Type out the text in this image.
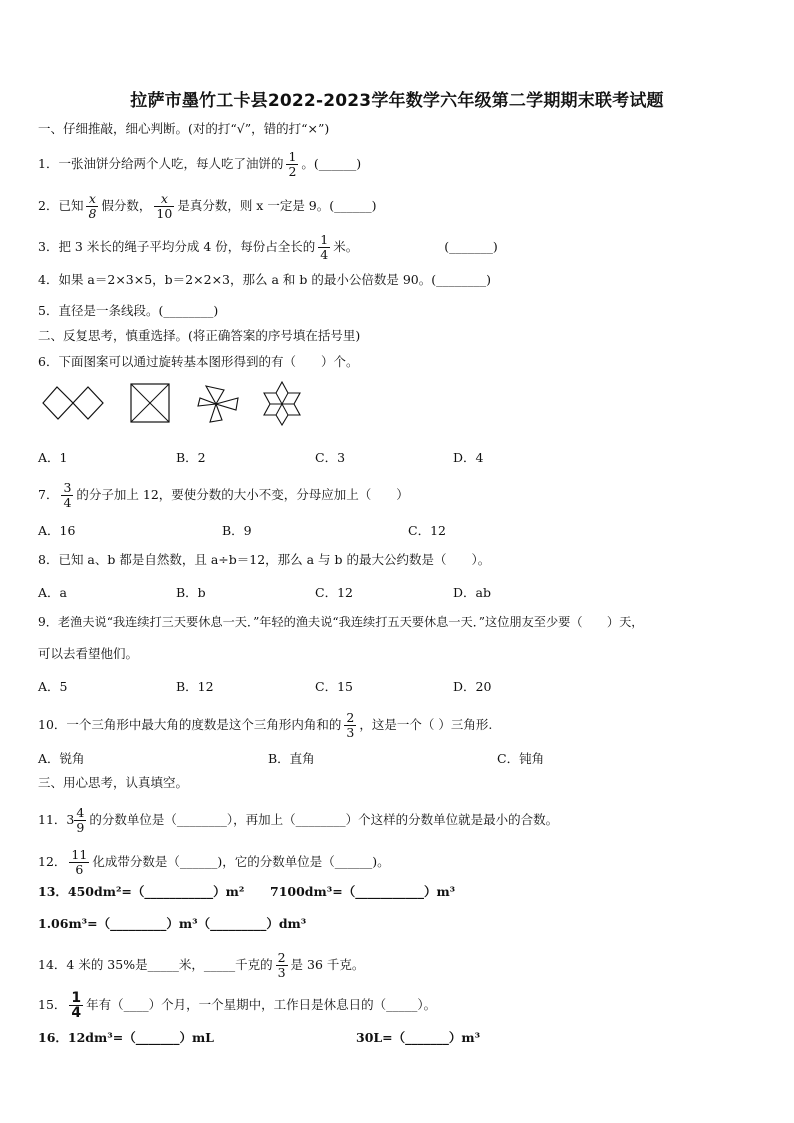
拉萨市墨竹工卡县2022-2023学年数学六年级第二学期期末联考试题
一、仔细推敲，细心判断。(对的打“√”，错的打“×”)
1．一张油饼分给两个人吃，每人吃了油饼的 $\frac{1}{2}$ 。(______)
2．已知 $\frac{x}{8}$ 假分数， $\frac{x}{10}$ 是真分数，则 x 一定是 9。(______)
3．把 3 米长的绳子平均分成 4 份，每份占全长的 $\frac{1}{4}$ 米。	(_______)
4．如果 a＝2×3×5，b＝2×2×3，那么 a 和 b 的最小公倍数是 90。(________)
5．直径是一条线段。(________)
二、反复思考，慎重选择。(将正确答案的序号填在括号里)
6．下面图案可以通过旋转基本图形得到的有（　　）个。
A．1	B．2	C．3	D．4
7． $\frac{3}{4}$ 的分子加上 12，要使分数的大小不变，分母应加上（　　）
A．16	B．9	C．12
8．已知 a、b 都是自然数，且 a÷b＝12，那么 a 与 b 的最大公约数是（　　）。
A．a	B．b	C．12	D．ab
9．老渔夫说“我连续打三天要休息一天．”年轻的渔夫说“我连续打五天要休息一天．”这位朋友至少要（　　）天，
可以去看望他们。
A．5	B．12	C．15	D．20
10．一个三角形中最大角的度数是这个三角形内角和的 $\frac{2}{3}$ ，这是一个（ ）三角形.
A．锐角	B．直角	C．钝角
三、用心思考，认真填空。
11．$3 \frac{4}{9}$ 的分数单位是（________），再加上（________）个这样的分数单位就是最小的合数。
12． $\frac{11}{6}$ 化成带分数是（______)，它的分数单位是（______)。
13．450dm²=（___________）m² 7100dm³=（___________）m³
1.06m³=（_________）m³（_________）dm³
14．4 米的 35%是_____米，_____千克的 $\frac{2}{3}$ 是 36 千克。
15． $\frac{1}{4}$ 年有（____）个月，一个星期中，工作日是休息日的（_____）。
16．12dm³=（_______）mL	30L=（_______）m³
